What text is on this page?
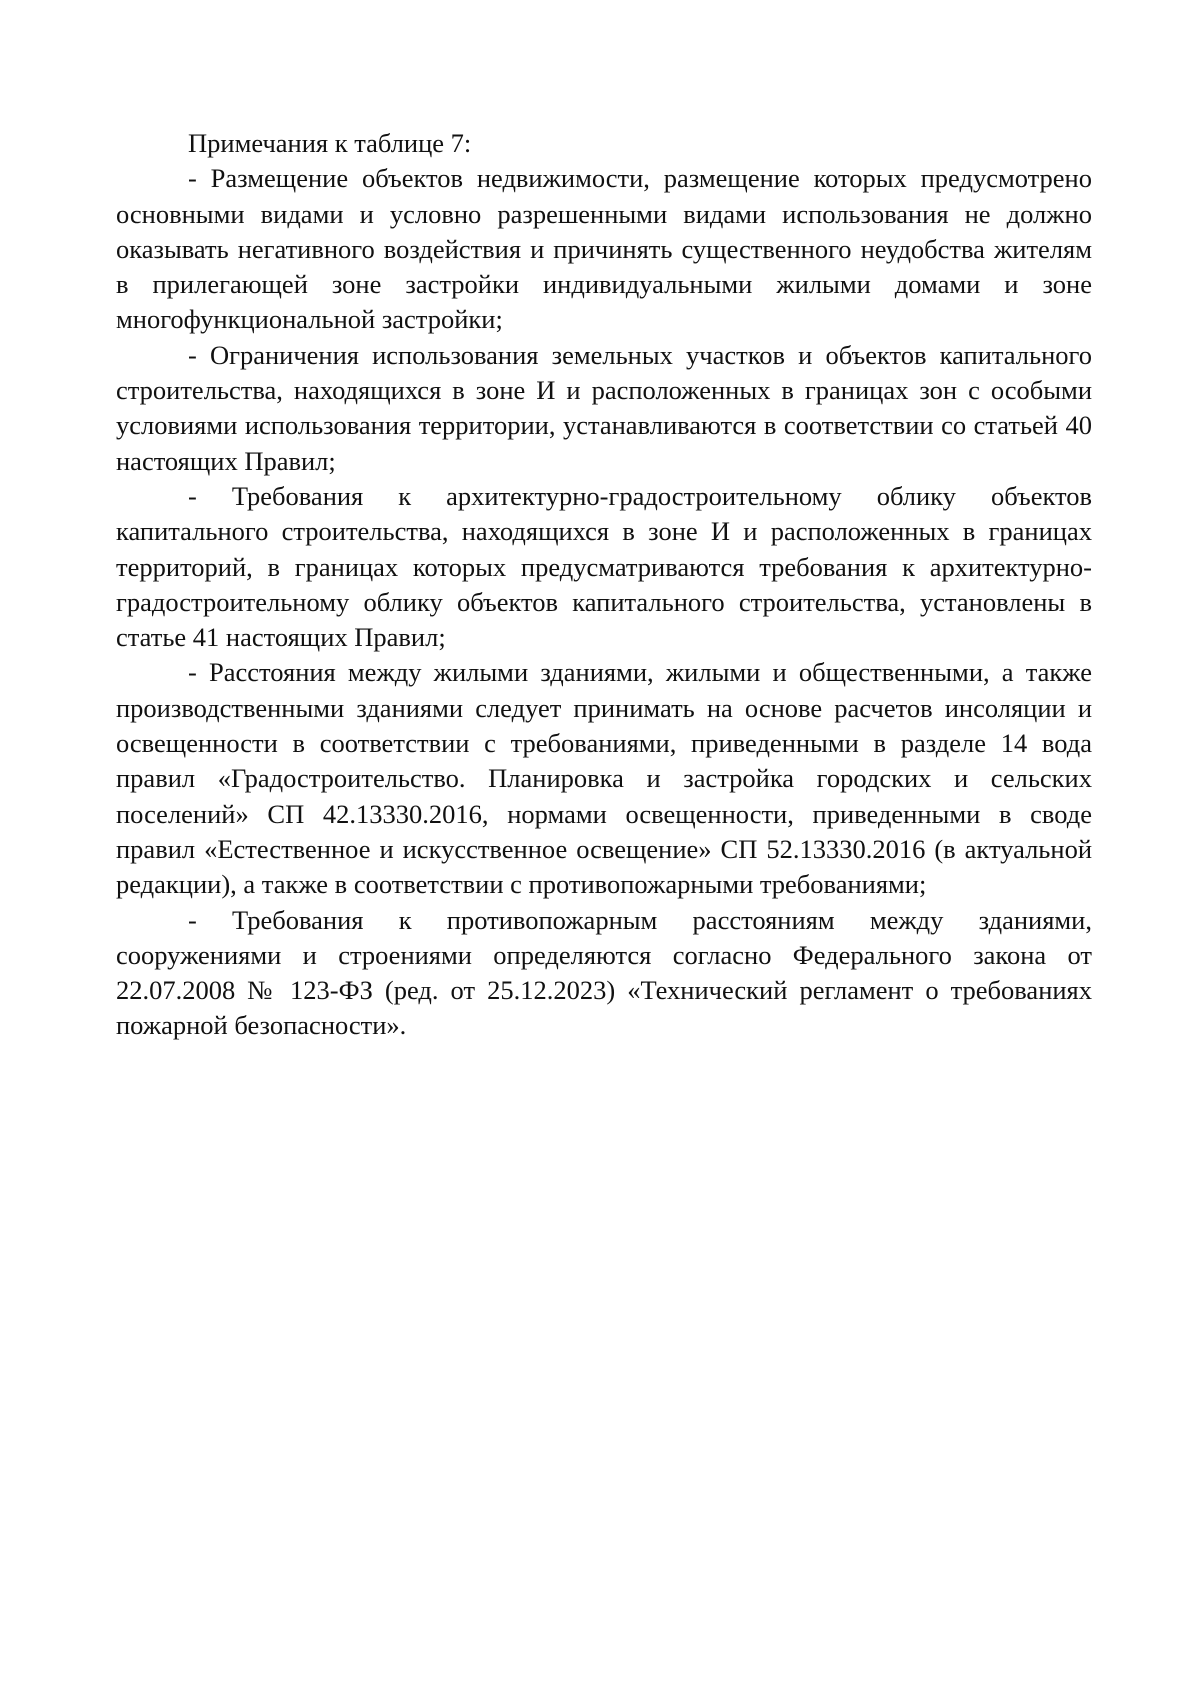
Примечания к таблице 7:

- Размещение объектов недвижимости, размещение которых предусмотрено основными видами и условно разрешенными видами использования не должно оказывать негативного воздействия и причинять существенного неудобства жителям в прилегающей зоне застройки индивидуальными жилыми домами и зоне многофункциональной застройки;

- Ограничения использования земельных участков и объектов капитального строительства, находящихся в зоне И и расположенных в границах зон с особыми условиями использования территории, устанавливаются в соответствии со статьей 40 настоящих Правил;

- Требования к архитектурно-градостроительному облику объектов капитального строительства, находящихся в зоне И и расположенных в границах территорий, в границах которых предусматриваются требования к архитектурно-градостроительному облику объектов капитального строительства, установлены в статье 41 настоящих Правил;

- Расстояния между жилыми зданиями, жилыми и общественными, а также производственными зданиями следует принимать на основе расчетов инсоляции и освещенности в соответствии с требованиями, приведенными в разделе 14 вода правил «Градостроительство. Планировка и застройка городских и сельских поселений» СП 42.13330.2016, нормами освещенности, приведенными в своде правил «Естественное и искусственное освещение» СП 52.13330.2016 (в актуальной редакции), а также в соответствии с противопожарными требованиями;

- Требования к противопожарным расстояниям между зданиями, сооружениями и строениями определяются согласно Федерального закона от 22.07.2008 № 123-ФЗ (ред. от 25.12.2023) «Технический регламент о требованиях пожарной безопасности».
